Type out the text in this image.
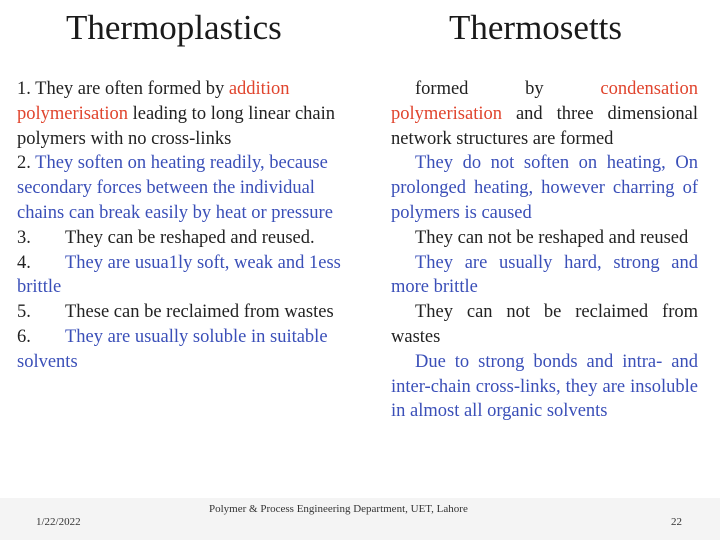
Thermoplastics	Thermosetts

1. They are often formed by addition polymerisation leading to long linear chain polymers with no cross-links

2. They soften on heating readily, because secondary forces between the individual chains can break easily by heat or pressure

3. They can be reshaped and reused.

4. They are usua1ly soft, weak and 1ess brittle

5. These can be reclaimed from wastes

6. They are usually soluble in suitable solvents

formed by condensation polymerisation and three dimensional network structures are formed

They do not soften on heating, On prolonged heating, however charring of polymers is caused

They can not be reshaped and reused

They are usually hard, strong and more brittle

They can not be reclaimed from wastes

Due to strong bonds and intra- and inter-chain cross-links, they are insoluble in almost all organic solvents

1/22/2022
Polymer & Process Engineering Department, UET, Lahore
22
